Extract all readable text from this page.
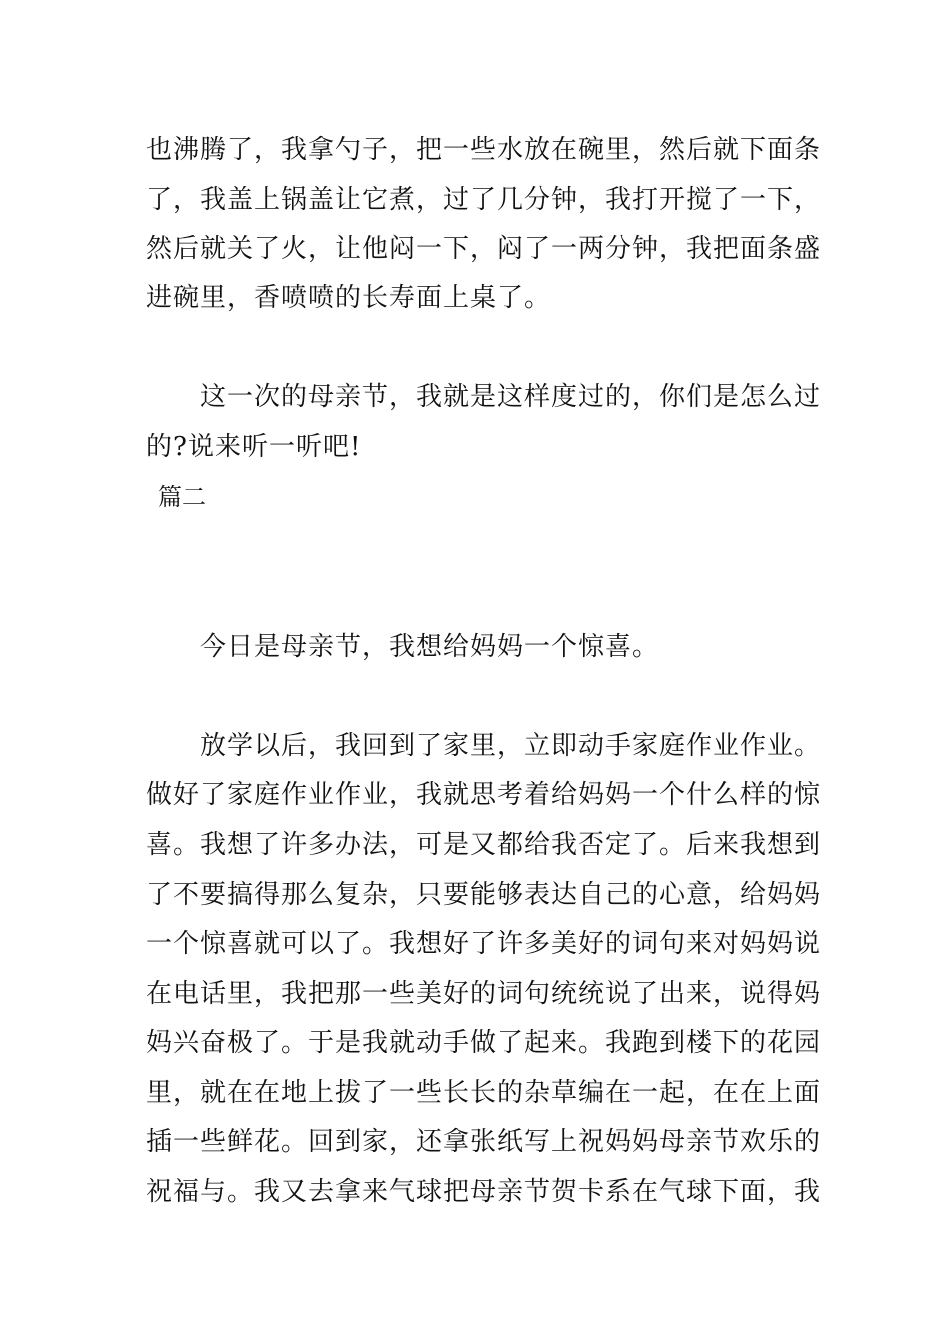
也沸腾了，我拿勺子，把一些水放在碗里，然后就下面条
了，我盖上锅盖让它煮，过了几分钟，我打开搅了一下，
然后就关了火，让他闷一下，闷了一两分钟，我把面条盛
进碗里，香喷喷的长寿面上桌了。
　　这一次的母亲节，我就是这样度过的，你们是怎么过
的?说来听一听吧!
篇二
　　今日是母亲节，我想给妈妈一个惊喜。
　　放学以后，我回到了家里，立即动手家庭作业作业。
做好了家庭作业作业，我就思考着给妈妈一个什么样的惊
喜。我想了许多办法，可是又都给我否定了。后来我想到
了不要搞得那么复杂，只要能够表达自己的心意，给妈妈
一个惊喜就可以了。我想好了许多美好的词句来对妈妈说
在电话里，我把那一些美好的词句统统说了出来，说得妈
妈兴奋极了。于是我就动手做了起来。我跑到楼下的花园
里，就在在地上拔了一些长长的杂草编在一起，在在上面
插一些鲜花。回到家，还拿张纸写上祝妈妈母亲节欢乐的
祝福与。我又去拿来气球把母亲节贺卡系在气球下面，我
